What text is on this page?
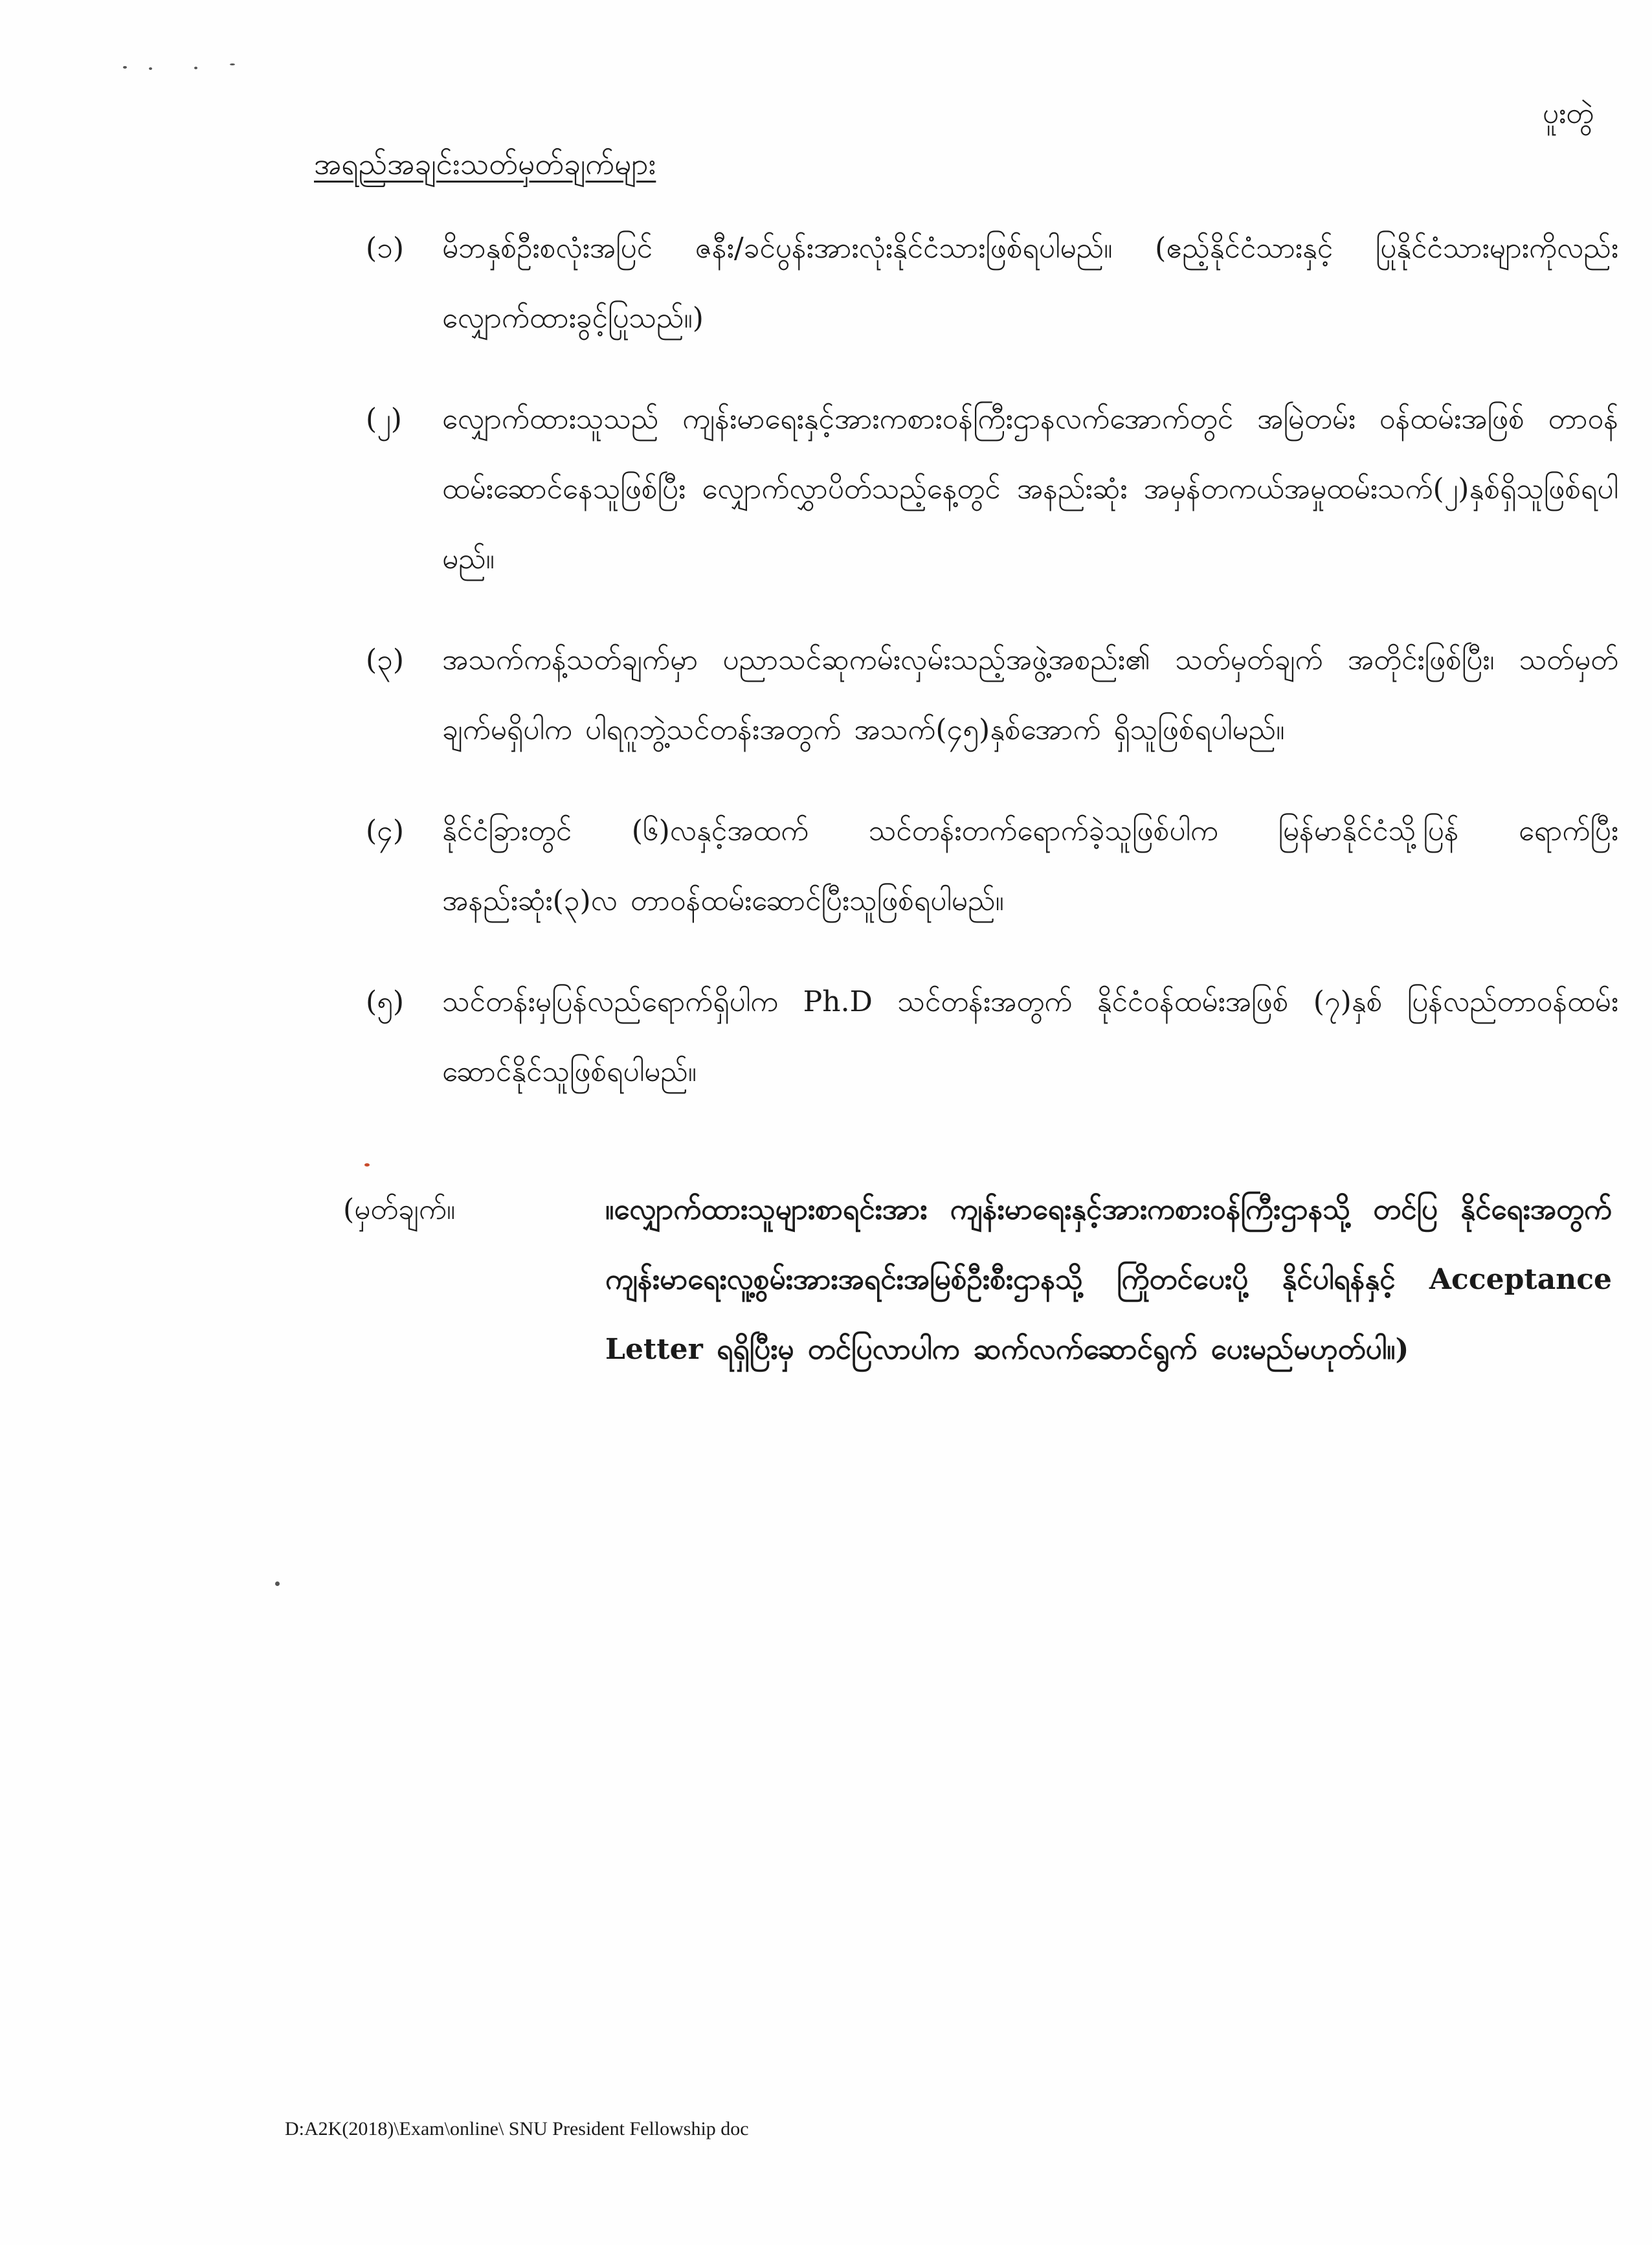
ပူးတွဲ
အရည်အချင်းသတ်မှတ်ချက်များ
(၁)	မိဘနှစ်ဦးစလုံးအပြင် ဇနီး/ခင်ပွန်းအားလုံးနိုင်ငံသားဖြစ်ရပါမည်။ (ဧည့်နိုင်ငံသားနှင့် ပြုနိုင်ငံသားများကိုလည်းလျှောက်ထားခွင့်ပြုသည်။)
(၂)	လျှောက်ထားသူသည် ကျန်းမာရေးနှင့်အားကစားဝန်ကြီးဌာနလက်အောက်တွင် အမြဲတမ်း ဝန်ထမ်းအဖြစ် တာဝန်ထမ်းဆောင်နေသူဖြစ်ပြီး လျှောက်လွှာပိတ်သည့်နေ့တွင် အနည်းဆုံး အမှန်တကယ်အမှုထမ်းသက်(၂)နှစ်ရှိသူဖြစ်ရပါမည်။
(၃)	အသက်ကန့်သတ်ချက်မှာ ပညာသင်ဆုကမ်းလှမ်းသည့်အဖွဲ့အစည်း၏ သတ်မှတ်ချက် အတိုင်းဖြစ်ပြီး၊ သတ်မှတ်ချက်မရှိပါက ပါရဂူဘွဲ့သင်တန်းအတွက် အသက်(၄၅)နှစ်အောက် ရှိသူဖြစ်ရပါမည်။
(၄)	နိုင်ငံခြားတွင် (၆)လနှင့်အထက် သင်တန်းတက်ရောက်ခဲ့သူဖြစ်ပါက မြန်မာနိုင်ငံသို့ပြန် ရောက်ပြီး အနည်းဆုံး(၃)လ တာဝန်ထမ်းဆောင်ပြီးသူဖြစ်ရပါမည်။
(၅)	သင်တန်းမှပြန်လည်ရောက်ရှိပါက Ph.D သင်တန်းအတွက် နိုင်ငံ၀န်ထမ်းအဖြစ် (၇)နှစ် ပြန်လည်တာဝန်ထမ်းဆောင်နိုင်သူဖြစ်ရပါမည်။
(မှတ်ချက်။	။လျှောက်ထားသူများစာရင်းအား ကျန်းမာရေးနှင့်အားကစားဝန်ကြီးဌာနသို့ တင်ပြ နိုင်ရေးအတွက် ကျန်းမာရေးလူ့စွမ်းအားအရင်းအမြစ်ဦးစီးဌာနသို့ ကြိုတင်ပေးပို့ နိုင်ပါရန်နှင့် Acceptance Letter ရရှိပြီးမှ တင်ပြလာပါက ဆက်လက်ဆောင်ရွက် ပေးမည်မဟုတ်ပါ။)
D:A2K(2018)\Exam\online\ SNU President Fellowship doc
